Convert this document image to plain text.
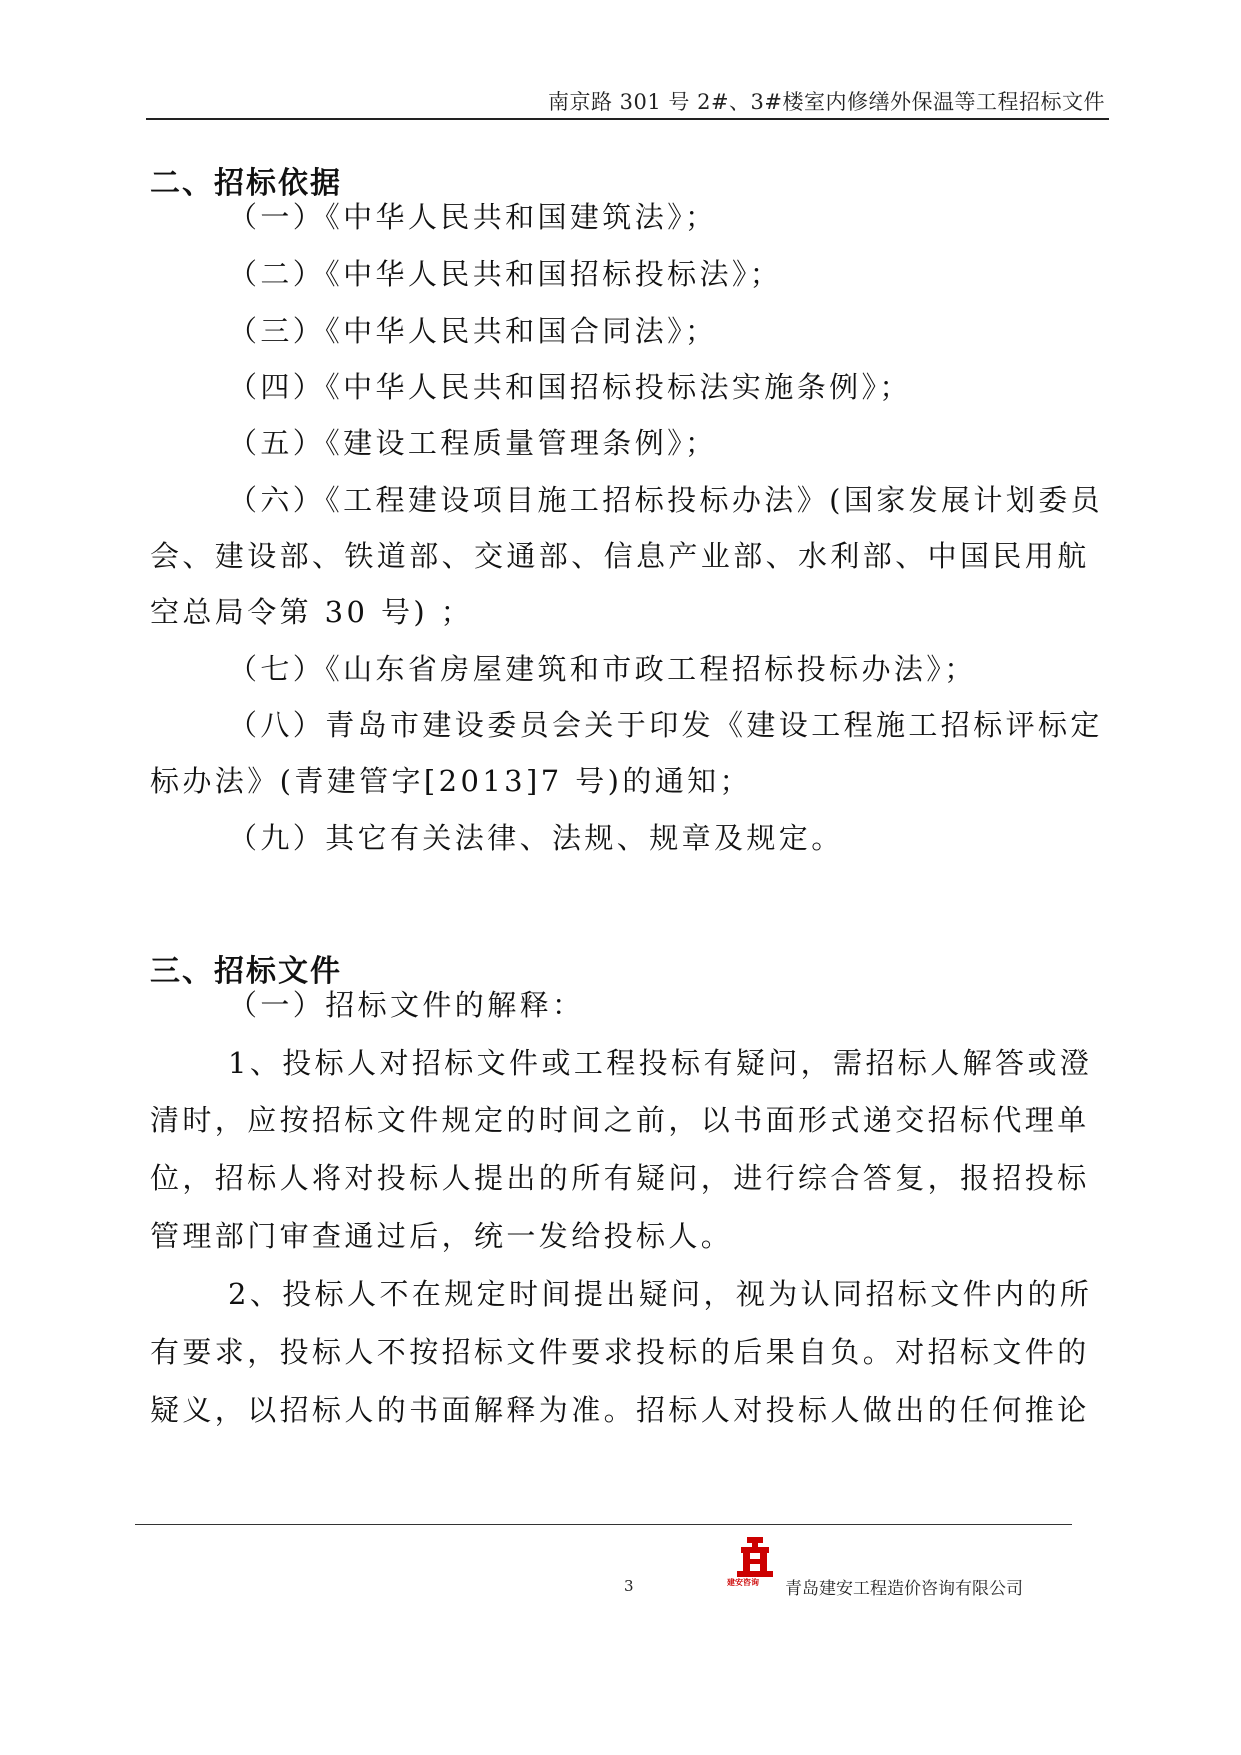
南京路 301 号 2#、3#楼室内修缮外保温等工程招标文件
二、招标依据
（一）《中华人民共和国建筑法》；
（二）《中华人民共和国招标投标法》；
（三）《中华人民共和国合同法》；
（四）《中华人民共和国招标投标法实施条例》；
（五）《建设工程质量管理条例》；
（六）《工程建设项目施工招标投标办法》(国家发展计划委员
会、建设部、铁道部、交通部、信息产业部、水利部、中国民用航
空总局令第 30 号) ；
（七）《山东省房屋建筑和市政工程招标投标办法》；
（八）青岛市建设委员会关于印发《建设工程施工招标评标定
标办法》(青建管字[2013]7 号)的通知；
（九）其它有关法律、法规、规章及规定。
三、招标文件
（一）招标文件的解释：
1、投标人对招标文件或工程投标有疑问，需招标人解答或澄
清时，应按招标文件规定的时间之前，以书面形式递交招标代理单
位，招标人将对投标人提出的所有疑问，进行综合答复，报招投标
管理部门审查通过后，统一发给投标人。
2、投标人不在规定时间提出疑问，视为认同招标文件内的所
有要求，投标人不按招标文件要求投标的后果自负。对招标文件的
疑义，以招标人的书面解释为准。招标人对投标人做出的任何推论
3	建安咨询 青岛建安工程造价咨询有限公司
